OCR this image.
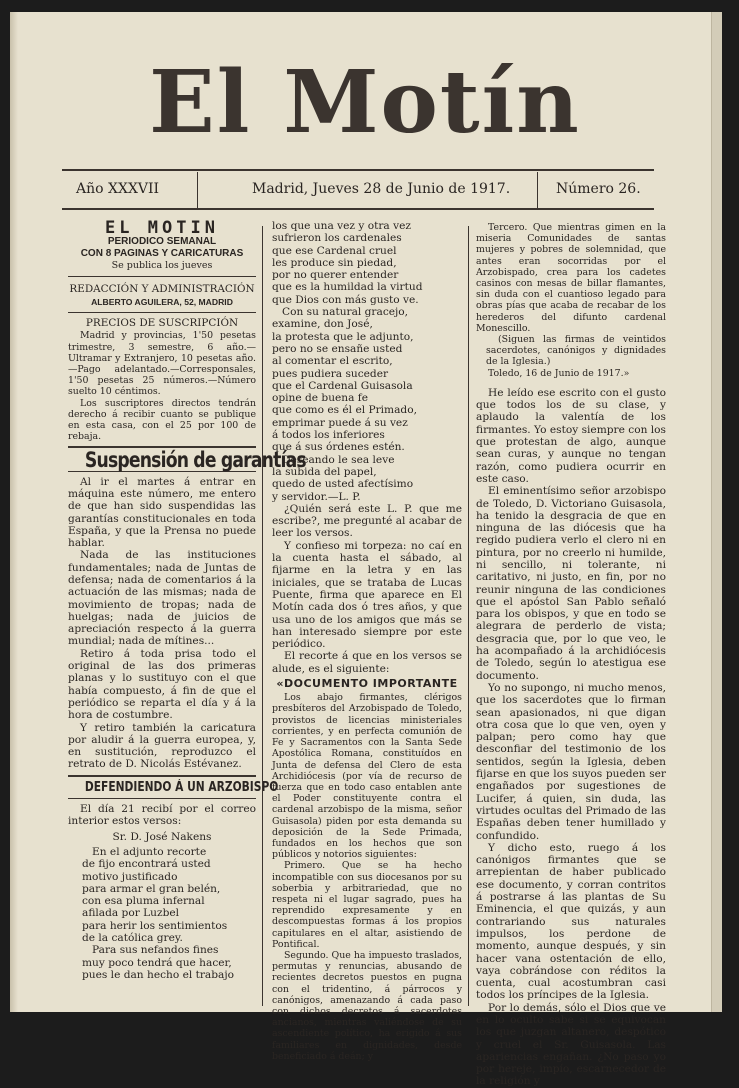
El Motín
Año XXXVII	Madrid, Jueves 28 de Junio de 1917.	Número 26.
EL MOTIN
PERIODICO SEMANAL
CON 8 PAGINAS Y CARICATURAS
Se publica los jueves
REDACCIÓN Y ADMINISTRACIÓN
ALBERTO AGUILERA, 52, MADRID
PRECIOS DE SUSCRIPCIÓN

Madrid y provincias, 1'50 pesetas trimestre, 3 semestre, 6 año.—Ultramar y Extranjero, 10 pesetas año.—Pago adelantado.—Corresponsales, 1'50 pesetas 25 números.—Número suelto 10 céntimos.

Los suscriptores directos tendrán derecho á recibir cuanto se publique en esta casa, con el 25 por 100 de rebaja.

Suspensión de garantías

Al ir el martes á entrar en máquina este número, me entero de que han sido suspendidas las garantías constitucionales en toda España, y que la Prensa no puede hablar.

Nada de las instituciones fundamentales; nada de Juntas de defensa; nada de comentarios á la actuación de las mismas; nada de movimiento de tropas; nada de huelgas; nada de juicios de apreciación respecto á la guerra mundial; nada de mítines...

Retiro á toda prisa todo el original de las dos primeras planas y lo sustituyo con el que había compuesto, á fin de que el periódico se reparta el día y á la hora de costumbre.

Y retiro también la caricatura por aludir á la guerra europea, y, en sustitución, reproduzco el retrato de D. Nicolás Estévanez.

DEFENDIENDO Á UN ARZOBISPO

El día 21 recibí por el correo interior estos versos:

Sr. D. José Nakens
En el adjunto recorte
de fijo encontrará usted
motivo justificado
para armar el gran belén,
con esa pluma infernal
afilada por Luzbel
para herir los sentimientos
de la católica grey.
Para sus nefandos fines
muy poco tendrá que hacer,
pues le dan hecho el trabajo
los que una vez y otra vez
sufrieron los cardenales
que ese Cardenal cruel
les produce sin piedad,
por no querer entender
que es la humildad la virtud
que Dios con más gusto ve.
Con su natural gracejo,
examine, don José,
la protesta que le adjunto,
pero no se ensañe usted
al comentar el escrito,
pues pudiera suceder
que el Cardenal Guisasola
opine de buena fe
que como es él el Primado,
emprimar puede á su vez
á todos los inferiores
que á sus órdenes estén.
Deseando le sea leve
la subida del papel,
quedo de usted afectísimo
y servidor.—L. P.

¿Quién será este L. P. que me escribe?, me pregunté al acabar de leer los versos.

Y confieso mi torpeza: no caí en la cuenta hasta el sábado, al fijarme en la letra y en las iniciales, que se trataba de Lucas Puente, firma que aparece en El Motín cada dos ó tres años, y que usa uno de los amigos que más se han interesado siempre por este periódico.

El recorte á que en los versos se alude, es el siguiente:

«DOCUMENTO IMPORTANTE

Los abajo firmantes, clérigos presbíteros del Arzobispado de Toledo, provistos de licencias ministeriales corrientes, y en perfecta comunión de Fe y Sacramentos con la Santa Sede Apostólica Romana, constituídos en Junta de defensa del Clero de esta Archidiócesis (por vía de recurso de fuerza que en todo caso entablen ante el Poder constituyente contra el cardenal arzobispo de la misma, señor Guisasola) piden por esta demanda su deposición de la Sede Primada, fundados en los hechos que son públicos y notorios siguientes:

Primero. Que se ha hecho incompatible con sus diocesanos por su soberbia y arbitrariedad, que no respeta ni el lugar sagrado, pues ha reprendido expresamente y en descompuestas formas á los propios capitulares en el altar, asistiendo de Pontifical.

Segundo. Que ha impuesto traslados, permutas y renuncias, abusando de recientes decretos puestos en pugna con el tridentino, á párrocos y canónigos, amenazando á cada paso con dichos decretos á sacerdotes ancianos, mientras valiéndose de su ascendiente político, ha erigido á sus familiares en dignidades, desde beneficiado á deán; y

Tercero. Que mientras gimen en la miseria Comunidades de santas mujeres y pobres de solemnidad, que antes eran socorridas por el Arzobispado, crea para los cadetes casinos con mesas de billar flamantes, sin duda con el cuantioso legado para obras pías que acaba de recabar de los herederos del difunto cardenal Monescillo.

(Siguen las firmas de veintidos sacerdotes, canónigos y dignidades de la Iglesia.)

Toledo, 16 de Junio de 1917.»

He leído ese escrito con el gusto que todos los de su clase, y aplaudo la valentía de los firmantes. Yo estoy siempre con los que protestan de algo, aunque sean curas, y aunque no tengan razón, como pudiera ocurrir en este caso.

El eminentísimo señor arzobispo de Toledo, D. Victoriano Guisasola, ha tenido la desgracia de que en ninguna de las diócesis que ha regido pudiera verlo el clero ni en pintura, por no creerlo ni humilde, ni sencillo, ni tolerante, ni caritativo, ni justo, en fin, por no reunir ninguna de las condiciones que el apóstol San Pablo señaló para los obispos, y que en todo se alegrara de perderlo de vista; desgracia que, por lo que veo, le ha acompañado á la archidiócesis de Toledo, según lo atestigua ese documento.

Yo no supongo, ni mucho menos, que los sacerdotes que lo firman sean apasionados, ni que digan otra cosa que lo que ven, oyen y palpan; pero como hay que desconfiar del testimonio de los sentidos, según la Iglesia, deben fijarse en que los suyos pueden ser engañados por sugestiones de Lucifer, á quien, sin duda, las virtudes ocultas del Primado de las Españas deben tener humillado y confundido.

Y dicho esto, ruego á los canónigos firmantes que se arrepientan de haber publicado ese documento, y corran contritos á postrarse á las plantas de Su Eminencia, el que quizás, y aun contrariando sus naturales impulsos, los perdone de momento, aunque después, y sin hacer vana ostentación de ello, vaya cobrándose con réditos la cuenta, cual acostumbran casi todos los príncipes de la Iglesia.

Por lo demás, sólo el Dios que ve en lo oculto sabe si se equivocan los que juzgan altanero, despótico y cruel el Sr. Guisasola. Las apariencias engañan. ¿No paso yo por hereje, impío, escarnecedor de la religión y
